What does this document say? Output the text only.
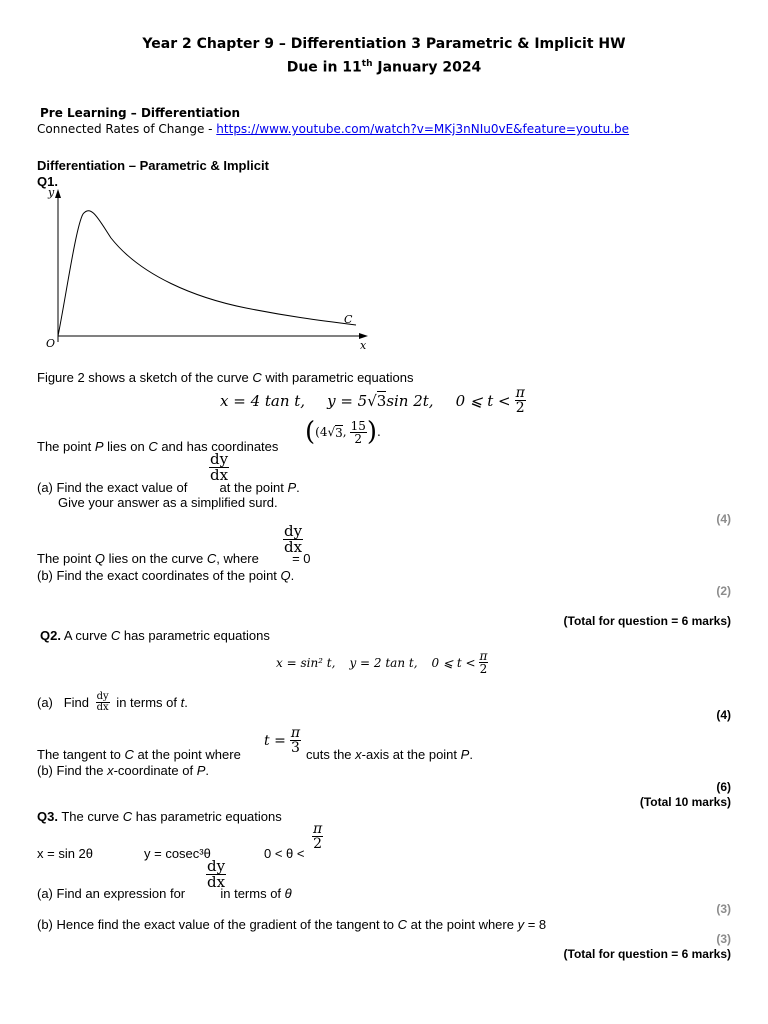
Year 2 Chapter 9 – Differentiation 3 Parametric & Implicit HW
Due in 11th January 2024
Pre Learning – Differentiation
Connected Rates of Change - https://www.youtube.com/watch?v=MKj3nNIu0vE&feature=youtu.be
Differentiation – Parametric & Implicit
Q1.
y
x
O
C
Figure 2 shows a sketch of the curve C with parametric equations
x = 4 tan t, y = 5√3sin 2t, 0 ⩽ $t < \frac{\pi}{2}$
The point P lies on C and has coordinates ( (4 √ 3 , $\frac{15}{2}$ ) .
$\frac{dy}{dx}$
(a) Find the exact value of  at the point P.
Give your answer as a simplified surd.
(4)
$\frac{dy}{dx}$
The point Q lies on the curve C, where  = 0
(b) Find the exact coordinates of the point Q.
(2)
(Total for question = 6 marks)
Q2. A curve C has parametric equations
x = sin² t, y = 2 tan t, 0 ⩽ $t < \frac{\pi}{2}$
(a)   Find $\frac{dy}{dx}$ in terms of t .
(4)
The tangent to C at the point where
$t = \frac{\pi}{3}$ cuts the x-axis at the point P.
(b) Find the x-coordinate of P.
(6)
(Total 10 marks)
Q3. The curve C has parametric equations
x = sin 2θ	y = cosec³θ	0 < θ <
$\frac{\pi}{2}$
$\frac{dy}{dx}$
(a) Find an expression for  in terms of θ
(3)
(b) Hence find the exact value of the gradient of the tangent to C at the point where y = 8
(3)
(Total for question = 6 marks)
